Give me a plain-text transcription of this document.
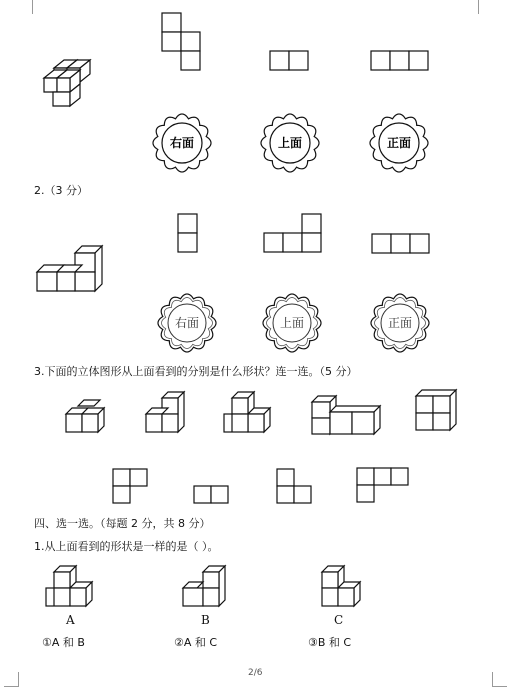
右面	上面	正面
2.（3 分）
右面	上面	正面
3.下面的立体图形从上面看到的分别是什么形状？连一连。（5 分）
四、选一选。（每题 2 分，共 8 分）
1.从上面看到的形状是一样的是（ ）。
A	B	C
①A 和 B	②A 和 C	③B 和 C
2/6
